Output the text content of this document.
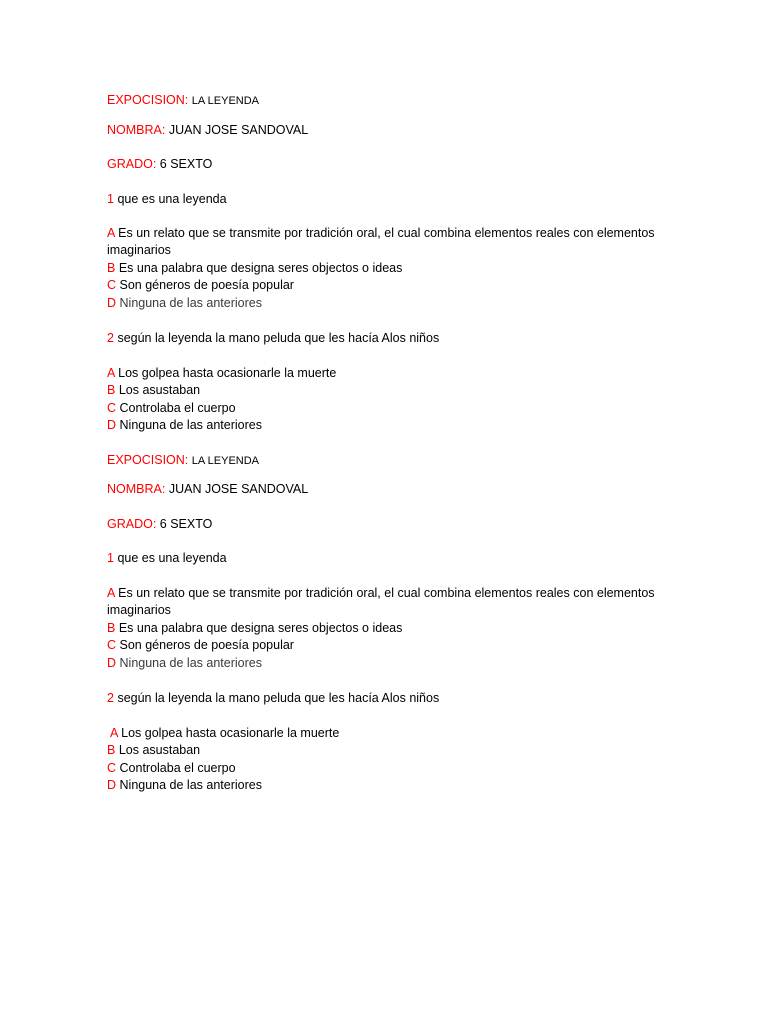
EXPOCISION: LA LEYENDA
NOMBRA: JUAN JOSE SANDOVAL
GRADO: 6 SEXTO
1 que es una leyenda
A Es un relato que se transmite por tradición oral, el cual combina elementos reales con elementos imaginarios
B Es una palabra que designa seres objectos o ideas
C Son géneros de poesía popular
D Ninguna de las anteriores
2 según la leyenda la mano peluda que les hacía Alos niños
A Los golpea hasta ocasionarle la muerte
B Los asustaban
C Controlaba el cuerpo
D Ninguna de las anteriores
EXPOCISION: LA LEYENDA
NOMBRA: JUAN JOSE SANDOVAL
GRADO: 6 SEXTO
1 que es una leyenda
A Es un relato que se transmite por tradición oral, el cual combina elementos reales con elementos imaginarios
B Es una palabra que designa seres objectos o ideas
C Son géneros de poesía popular
D Ninguna de las anteriores
2 según la leyenda la mano peluda que les hacía Alos niños
A Los golpea hasta ocasionarle la muerte
B Los asustaban
C Controlaba el cuerpo
D Ninguna de las anteriores
